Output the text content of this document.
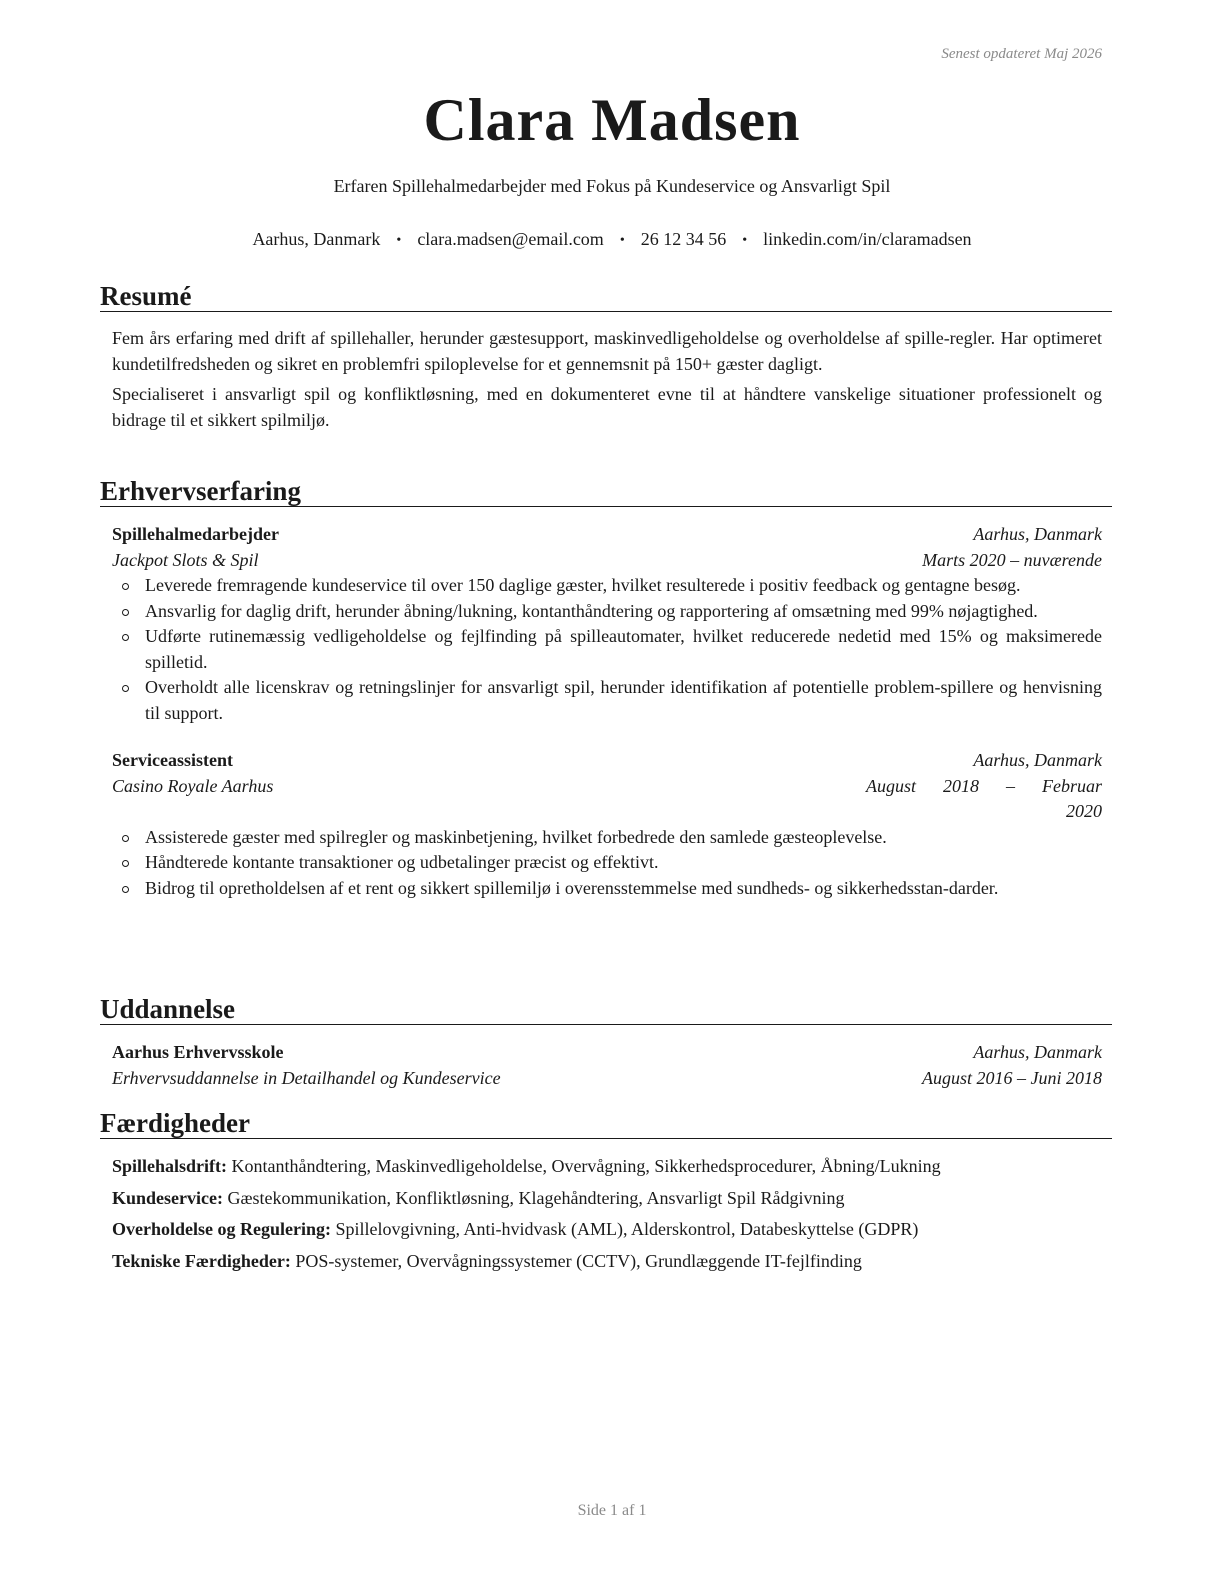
Senest opdateret Maj 2026
Clara Madsen
Erfaren Spillehalmedarbejder med Fokus på Kundeservice og Ansvarligt Spil
Aarhus, Danmark • clara.madsen@email.com • 26 12 34 56 • linkedin.com/in/claramadsen
Resumé

Fem års erfaring med drift af spillehaller, herunder gæstesupport, maskinvedligeholdelse og overholdelse af spille-regler. Har optimeret kundetilfredsheden og sikret en problemfri spiloplevelse for et gennemsnit på 150+ gæster dagligt.

Specialiseret i ansvarligt spil og konfliktløsning, med en dokumenteret evne til at håndtere vanskelige situationer professionelt og bidrage til et sikkert spilmiljø.

Erhvervserfaring
Spillehalmedarbejder	Aarhus, Danmark
Jackpot Slots & Spil	Marts 2020 – nuværende
Leverede fremragende kundeservice til over 150 daglige gæster, hvilket resulterede i positiv feedback og gentagne besøg.
Ansvarlig for daglig drift, herunder åbning/lukning, kontanthåndtering og rapportering af omsætning med 99% nøjagtighed.
Udførte rutinemæssig vedligeholdelse og fejlfinding på spilleautomater, hvilket reducerede nedetid med 15% og maksimerede spilletid.
Overholdt alle licenskrav og retningslinjer for ansvarligt spil, herunder identifikation af potentielle problem-spillere og henvisning til support.
Serviceassistent	Aarhus, Danmark
Casino Royale Aarhus	August 2018 – Februar
2020
Assisterede gæster med spilregler og maskinbetjening, hvilket forbedrede den samlede gæsteoplevelse.
Håndterede kontante transaktioner og udbetalinger præcist og effektivt.
Bidrog til opretholdelsen af et rent og sikkert spillemiljø i overensstemmelse med sundheds- og sikkerhedsstan-darder.
Uddannelse
Aarhus Erhvervsskole	Aarhus, Danmark
Erhvervsuddannelse in Detailhandel og Kundeservice	August 2016 – Juni 2018
Færdigheder
Spillehalsdrift: Kontanthåndtering, Maskinvedligeholdelse, Overvågning, Sikkerhedsprocedurer, Åbning/Lukning
Kundeservice: Gæstekommunikation, Konfliktløsning, Klagehåndtering, Ansvarligt Spil Rådgivning
Overholdelse og Regulering: Spillelovgivning, Anti-hvidvask (AML), Alderskontrol, Databeskyttelse (GDPR)
Tekniske Færdigheder: POS-systemer, Overvågningssystemer (CCTV), Grundlæggende IT-fejlfinding
Side 1 af 1
